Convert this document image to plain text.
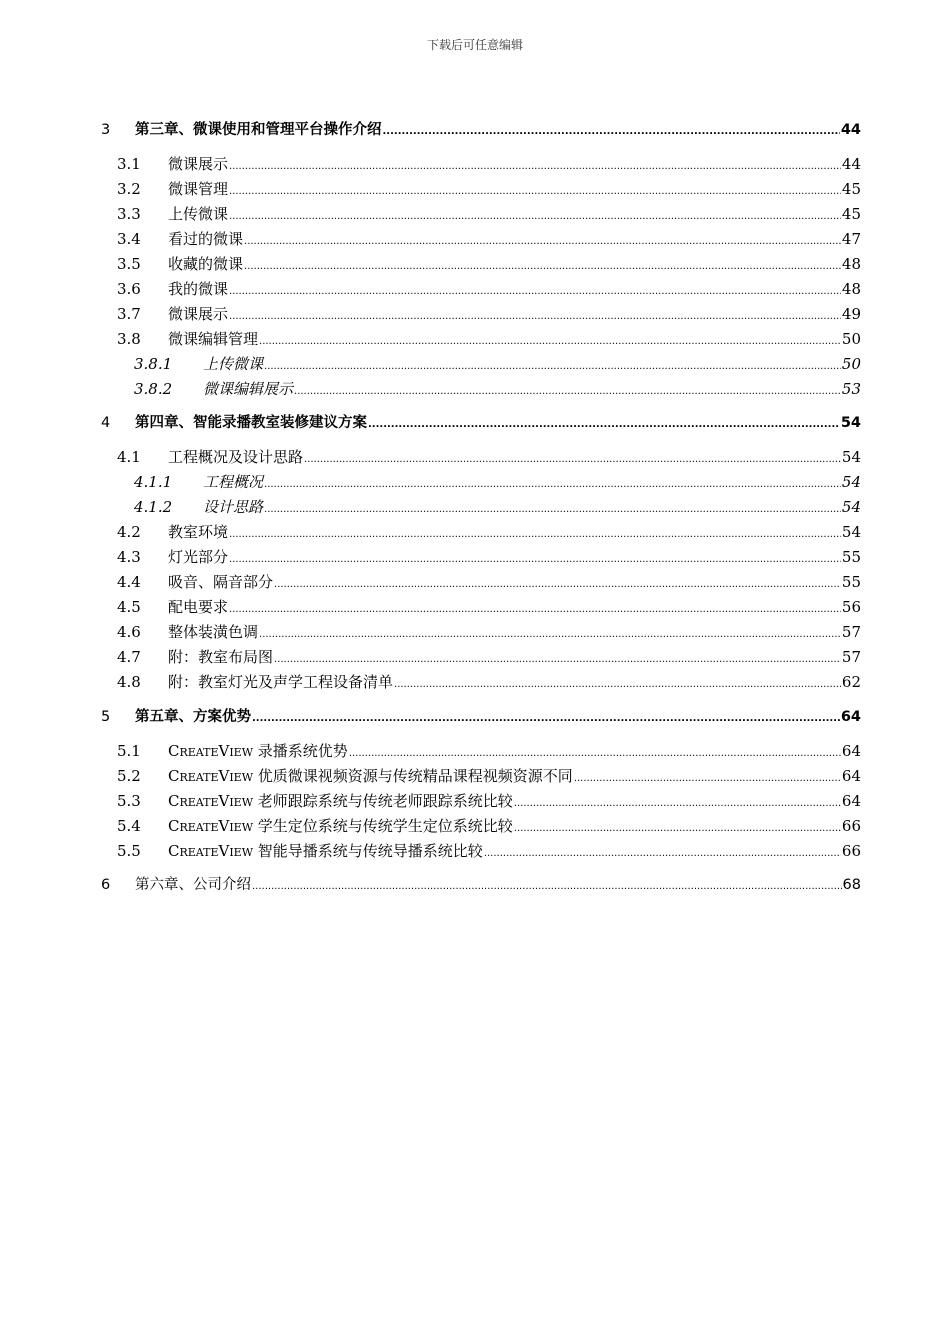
下载后可任意编辑
3 第三章、微课使用和管理平台操作介绍 .....	44
3.1 微课展示 .....	44
3.2 微课管理 .....	45
3.3 上传微课 .....	45
3.4 看过的微课 .....	47
3.5 收藏的微课 .....	48
3.6 我的微课 .....	48
3.7 微课展示 .....	49
3.8 微课编辑管理 .....	50
3.8.1 上传微课 .....	50
3.8.2 微课编辑展示 .....	53
4 第四章、智能录播教室装修建议方案 .....	54
4.1 工程概况及设计思路 .....	54
4.1.1 工程概况 .....	54
4.1.2 设计思路 .....	54
4.2 教室环境 .....	54
4.3 灯光部分 .....	55
4.4 吸音、隔音部分 .....	55
4.5 配电要求 .....	56
4.6 整体装潢色调 .....	57
4.7 附：教室布局图 .....	57
4.8 附：教室灯光及声学工程设备清单 .....	62
5 第五章、方案优势 .....	64
5.1 CreateView 录播系统优势 .....	64
5.2 CreateView 优质微课视频资源与传统精品课程视频资源不同 .....	64
5.3 CreateView 老师跟踪系统与传统老师跟踪系统比较 .....	64
5.4 CreateView 学生定位系统与传统学生定位系统比较 .....	66
5.5 CreateView 智能导播系统与传统导播系统比较 .....	66
6 第六章、公司介绍 .....	68
